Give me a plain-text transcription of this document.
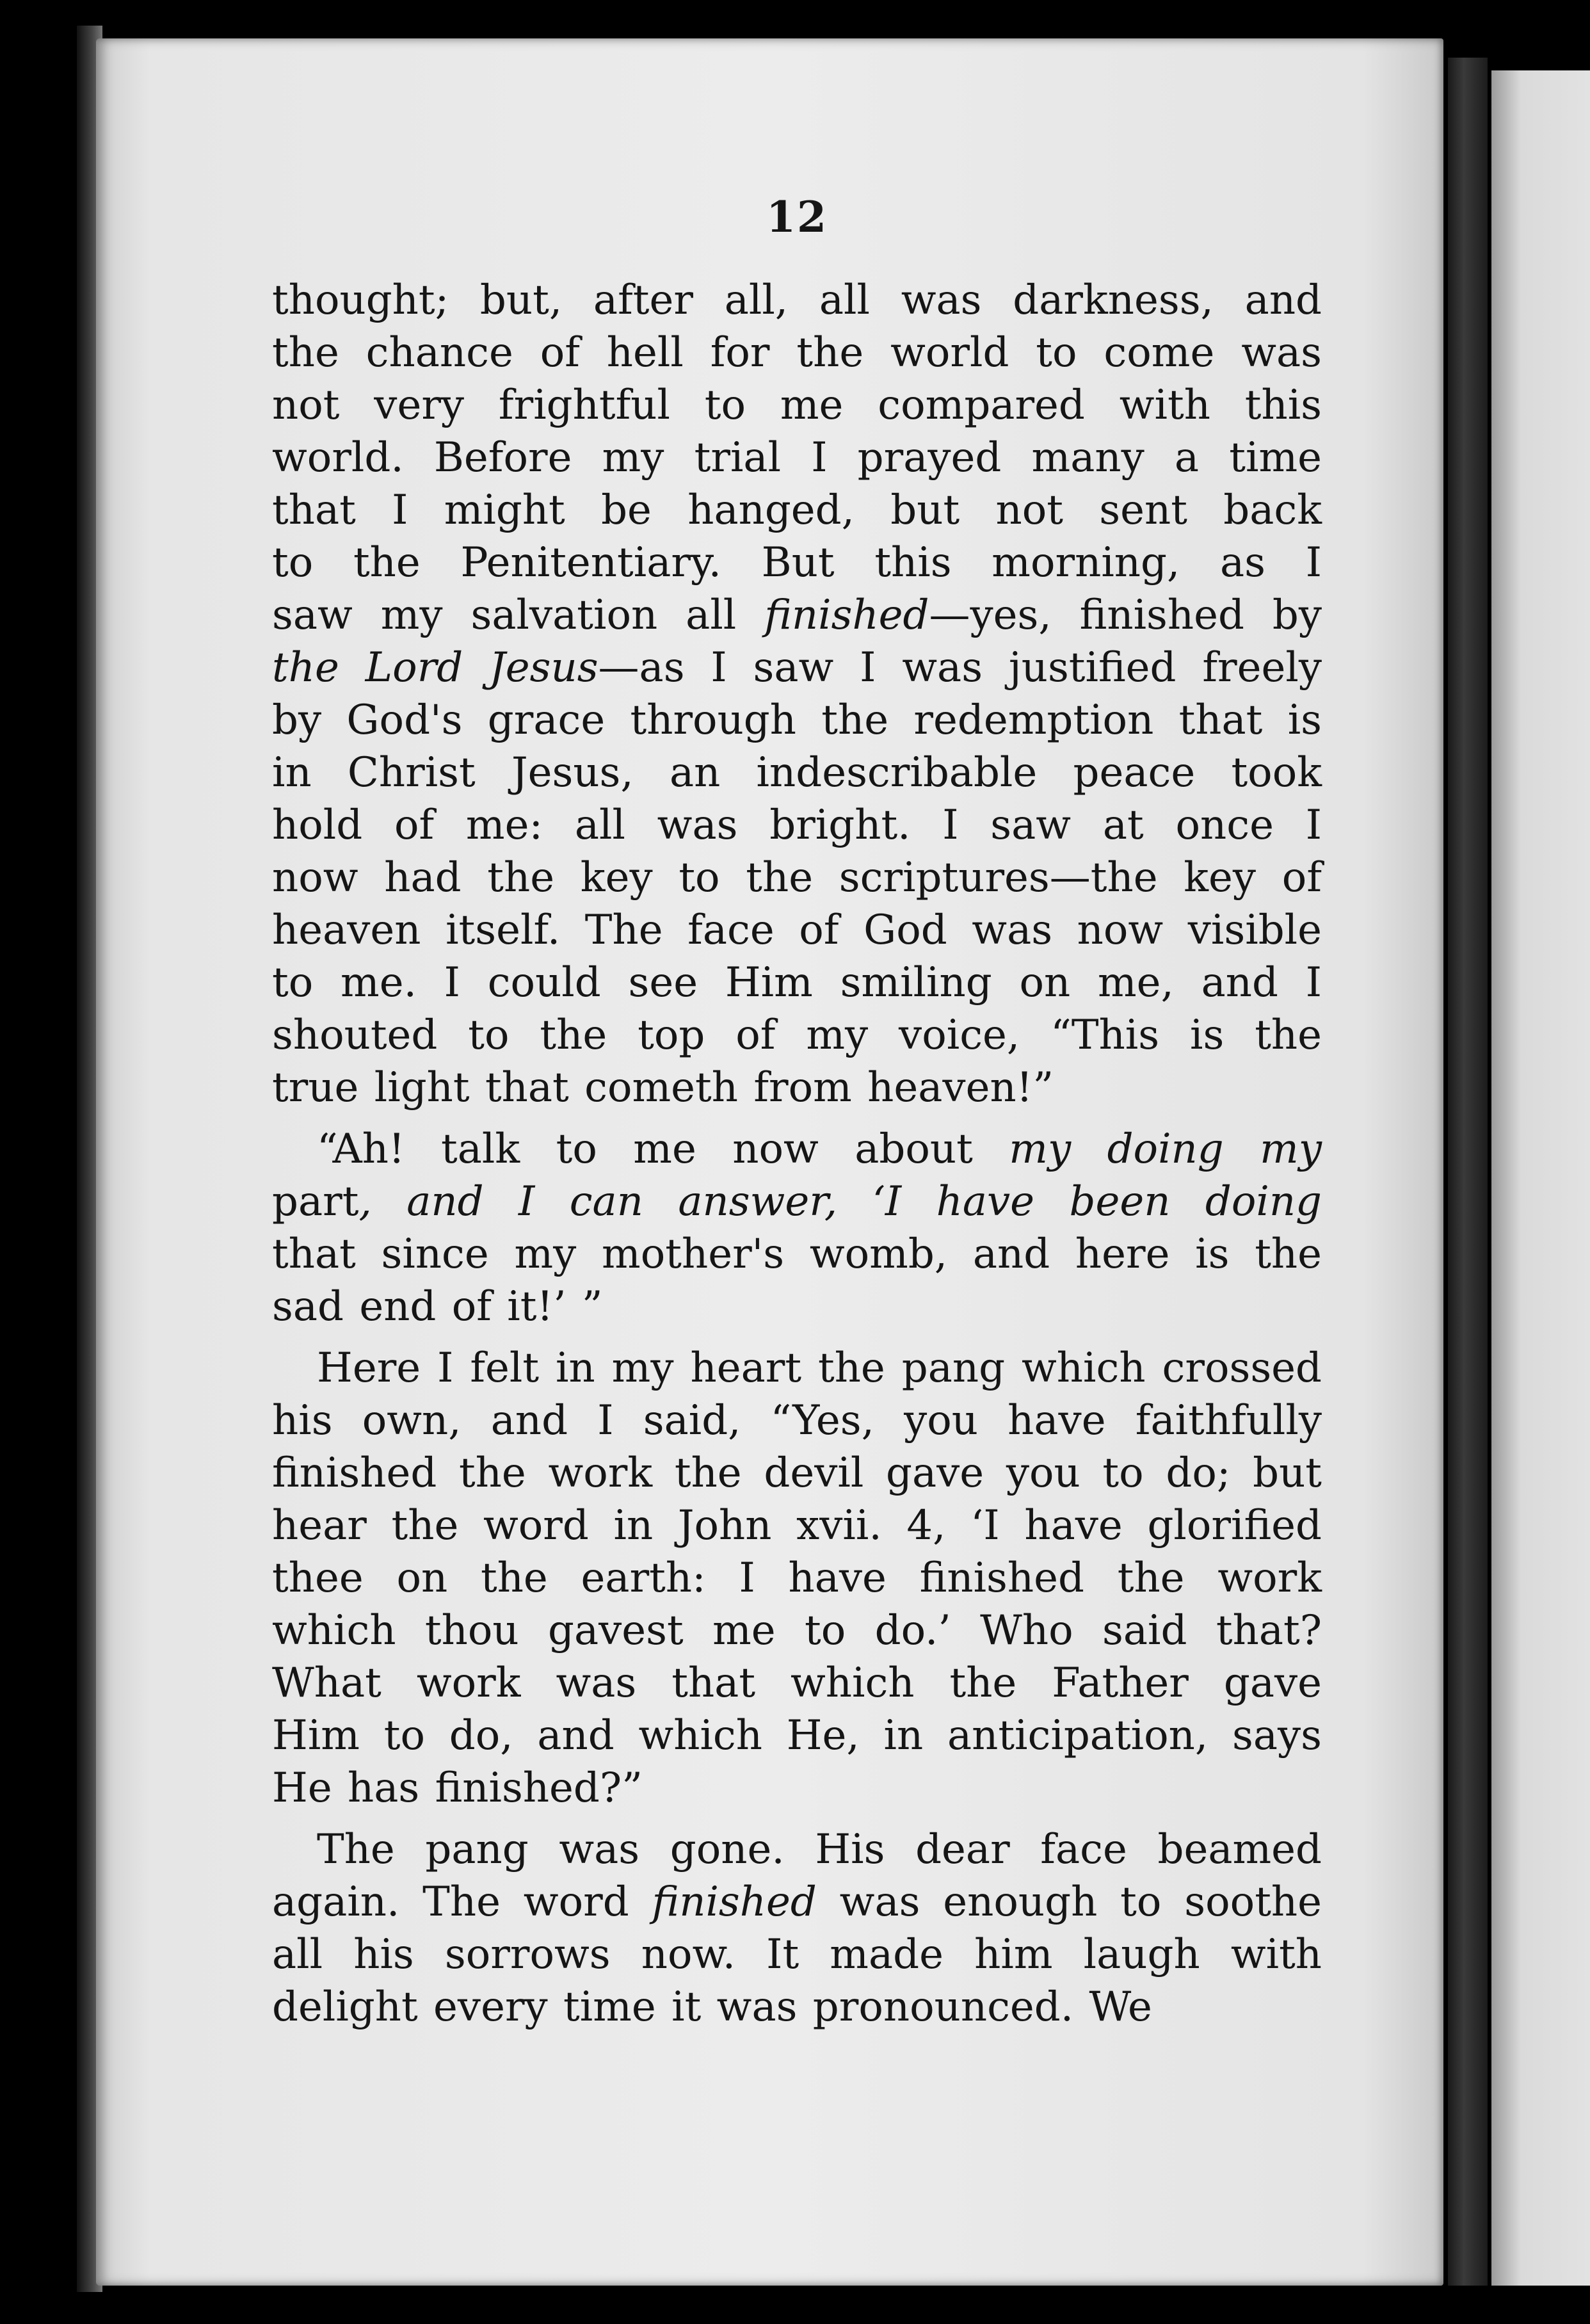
12
thought; but, after all, all was darkness, and
the chance of hell for the world to come was
not very frightful to me compared with this
world. Before my trial I prayed many a time
that I might be hanged, but not sent back
to the Penitentiary. But this morning, as I
saw my salvation all finished—yes, finished by
the Lord Jesus—as I saw I was justified freely
by God's grace through the redemption that is
in Christ Jesus, an indescribable peace took
hold of me: all was bright. I saw at once I
now had the key to the scriptures—the key of
heaven itself. The face of God was now visible
to me. I could see Him smiling on me, and I
shouted to the top of my voice, “This is the
true light that cometh from heaven!”
“Ah! talk to me now about my doing my
part, and I can answer, ‘I have been doing
that since my mother's womb, and here is the
sad end of it!’ ”
Here I felt in my heart the pang which crossed
his own, and I said, “Yes, you have faithfully
finished the work the devil gave you to do; but
hear the word in John xvii. 4, ‘I have glorified
thee on the earth: I have finished the work
which thou gavest me to do.’ Who said that?
What work was that which the Father gave
Him to do, and which He, in anticipation, says
He has finished?”
The pang was gone. His dear face beamed
again. The word finished was enough to soothe
all his sorrows now. It made him laugh with
delight every time it was pronounced. We
